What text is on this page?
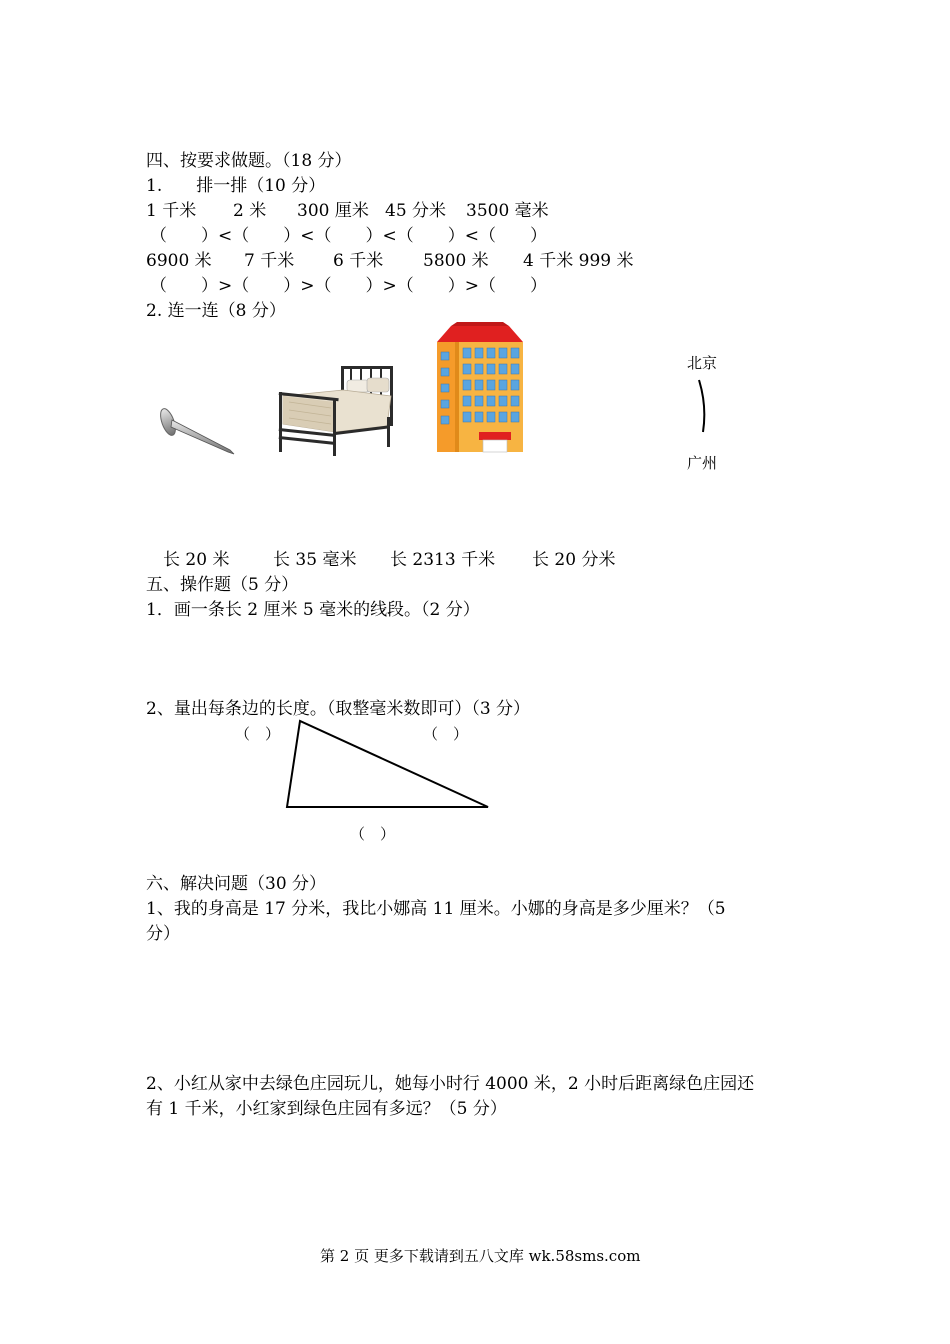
四、按要求做题。（18 分）
1.　　排一排（10 分）
1 千米 2 米 300 厘米 45 分米 3500 毫米
（　　）<（　　）<（　　）<（　　）<（　　）
6900 米 7 千米 6 千米 5800 米 4 千米 999 米
（　　）>（　　）>（　　）>（　　）>（　　）
2. 连一连（8 分）
北京
广州
长 20 米	长 35 毫米 长 2313 千米 长 20 分米
五、操作题（5 分）
1．画一条长 2 厘米 5 毫米的线段。（2 分）
2、量出每条边的长度。（取整毫米数即可）（3 分）
（　）	（　）
（　）
六、解决问题（30 分）
1、我的身高是 17 分米，我比小娜高 11 厘米。小娜的身高是多少厘米？（5
分）
2、小红从家中去绿色庄园玩儿，她每小时行 4000 米，2 小时后距离绿色庄园还
有 1 千米，小红家到绿色庄园有多远？（5 分）
第 2 页 更多下载请到五八文库 wk.58sms.com
